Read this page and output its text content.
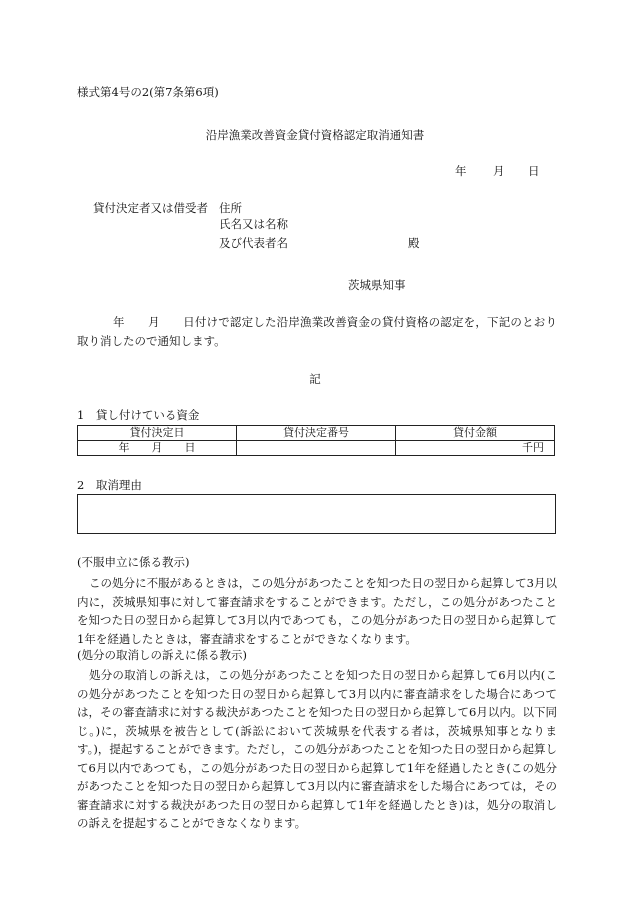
様式第4号の2(第7条第6項)
沿岸漁業改善資金貸付資格認定取消通知書
年 月 日
貸付決定者又は借受者 住所
氏名又は名称
及び代表者名	殿
茨城県知事
年　　月　　日付けで認定した沿岸漁業改善資金の貸付資格の認定を，下記のとおり取り消したので通知します。
記
1　貸し付けている資金
貸付決定日	貸付決定番号	貸付金額
年　　月　　日		千円
2　取消理由
(不服申立に係る教示)
この処分に不服があるときは，この処分があつたことを知つた日の翌日から起算して3月以内に，茨城県知事に対して審査請求をすることができます。ただし，この処分があつたことを知つた日の翌日から起算して3月以内であつても，この処分があつた日の翌日から起算して1年を経過したときは，審査請求をすることができなくなります。
(処分の取消しの訴えに係る教示)
処分の取消しの訴えは，この処分があつたことを知つた日の翌日から起算して6月以内(この処分があつたことを知つた日の翌日から起算して3月以内に審査請求をした場合にあつては，その審査請求に対する裁決があつたことを知つた日の翌日から起算して6月以内。以下同じ。)に，茨城県を被告として(訴訟において茨城県を代表する者は，茨城県知事となります。)，提起することができます。ただし，この処分があつたことを知つた日の翌日から起算して6月以内であつても，この処分があつた日の翌日から起算して1年を経過したとき(この処分があつたことを知つた日の翌日から起算して3月以内に審査請求をした場合にあつては，その審査請求に対する裁決があつた日の翌日から起算して1年を経過したとき)は，処分の取消しの訴えを提起することができなくなります。
